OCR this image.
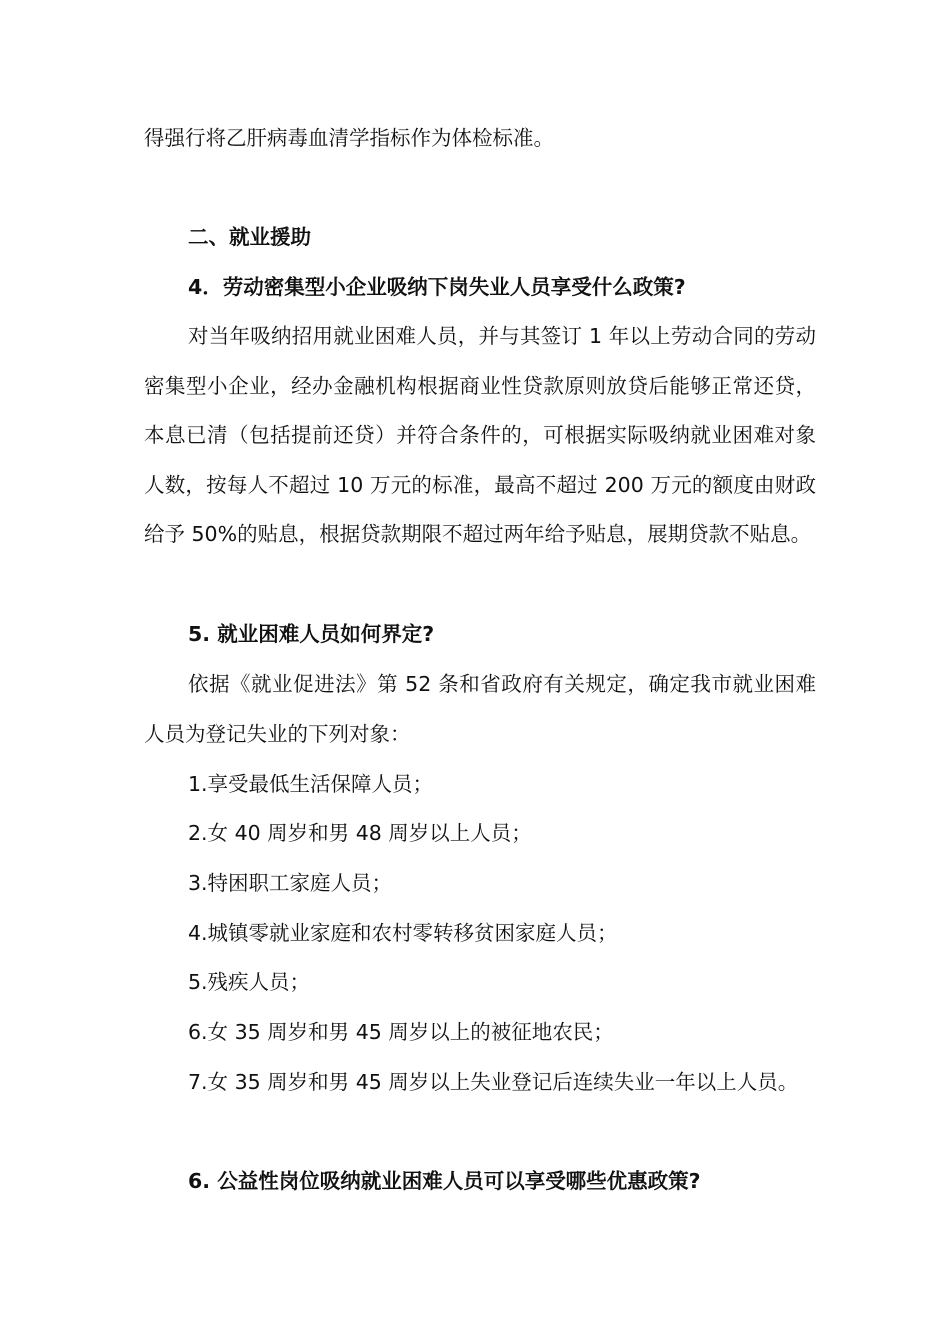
得强行将乙肝病毒血清学指标作为体检标准。

二、就业援助

4．劳动密集型小企业吸纳下岗失业人员享受什么政策?

对当年吸纳招用就业困难人员，并与其签订 1 年以上劳动合同的劳动密集型小企业，经办金融机构根据商业性贷款原则放贷后能够正常还贷，本息已清（包括提前还贷）并符合条件的，可根据实际吸纳就业困难对象人数，按每人不超过 10 万元的标准，最高不超过 200 万元的额度由财政给予 50%的贴息，根据贷款期限不超过两年给予贴息，展期贷款不贴息。

5. 就业困难人员如何界定?

依据《就业促进法》第 52 条和省政府有关规定，确定我市就业困难人员为登记失业的下列对象：

1.享受最低生活保障人员；

2.女 40 周岁和男 48 周岁以上人员；

3.特困职工家庭人员；

4.城镇零就业家庭和农村零转移贫困家庭人员；

5.残疾人员；

6.女 35 周岁和男 45 周岁以上的被征地农民；

7.女 35 周岁和男 45 周岁以上失业登记后连续失业一年以上人员。

6. 公益性岗位吸纳就业困难人员可以享受哪些优惠政策?
